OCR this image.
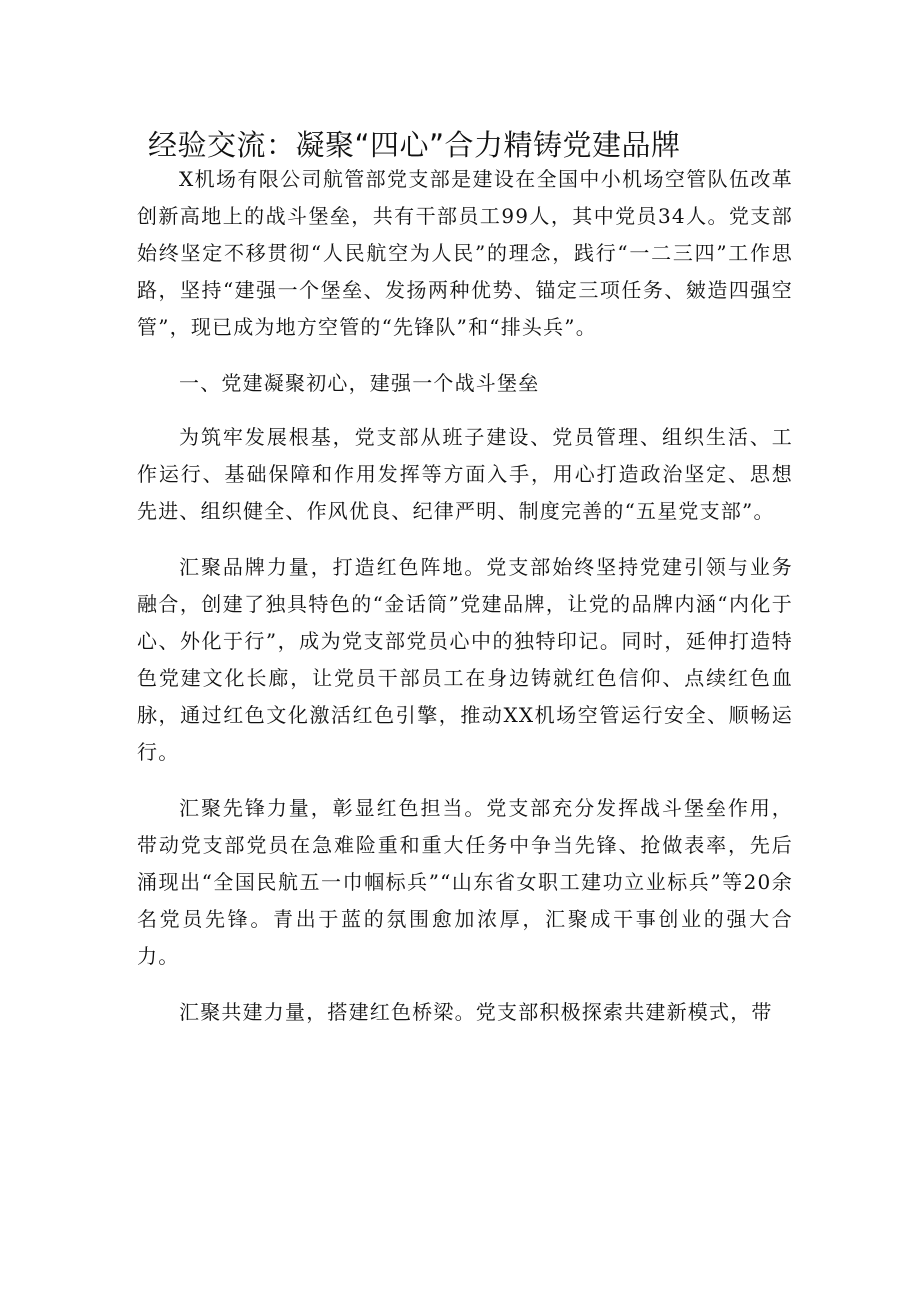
经验交流：凝聚“四心”合力精铸党建品牌

X机场有限公司航管部党支部是建设在全国中小机场空管队伍改革创新高地上的战斗堡垒，共有干部员工99人，其中党员34人。党支部始终坚定不移贯彻“人民航空为人民”的理念，践行“一二三四”工作思路，坚持“建强一个堡垒、发扬两种优势、锚定三项任务、皴造四强空管”，现已成为地方空管的“先锋队”和“排头兵”。

一、党建凝聚初心，建强一个战斗堡垒

为筑牢发展根基，党支部从班子建设、党员管理、组织生活、工作运行、基础保障和作用发挥等方面入手，用心打造政治坚定、思想先进、组织健全、作风优良、纪律严明、制度完善的“五星党支部”。

汇聚品牌力量，打造红色阵地。党支部始终坚持党建引领与业务融合，创建了独具特色的“金话筒”党建品牌，让党的品牌内涵“内化于心、外化于行”，成为党支部党员心中的独特印记。同时，延伸打造特色党建文化长廊，让党员干部员工在身边铸就红色信仰、点续红色血脉，通过红色文化激活红色引擎，推动XX机场空管运行安全、顺畅运行。

汇聚先锋力量，彰显红色担当。党支部充分发挥战斗堡垒作用，带动党支部党员在急难险重和重大任务中争当先锋、抢做表率，先后涌现出“全国民航五一巾帼标兵”“山东省女职工建功立业标兵”等20余名党员先锋。青出于蓝的氛围愈加浓厚，汇聚成干事创业的强大合力。

汇聚共建力量，搭建红色桥梁。党支部积极探索共建新模式，带
